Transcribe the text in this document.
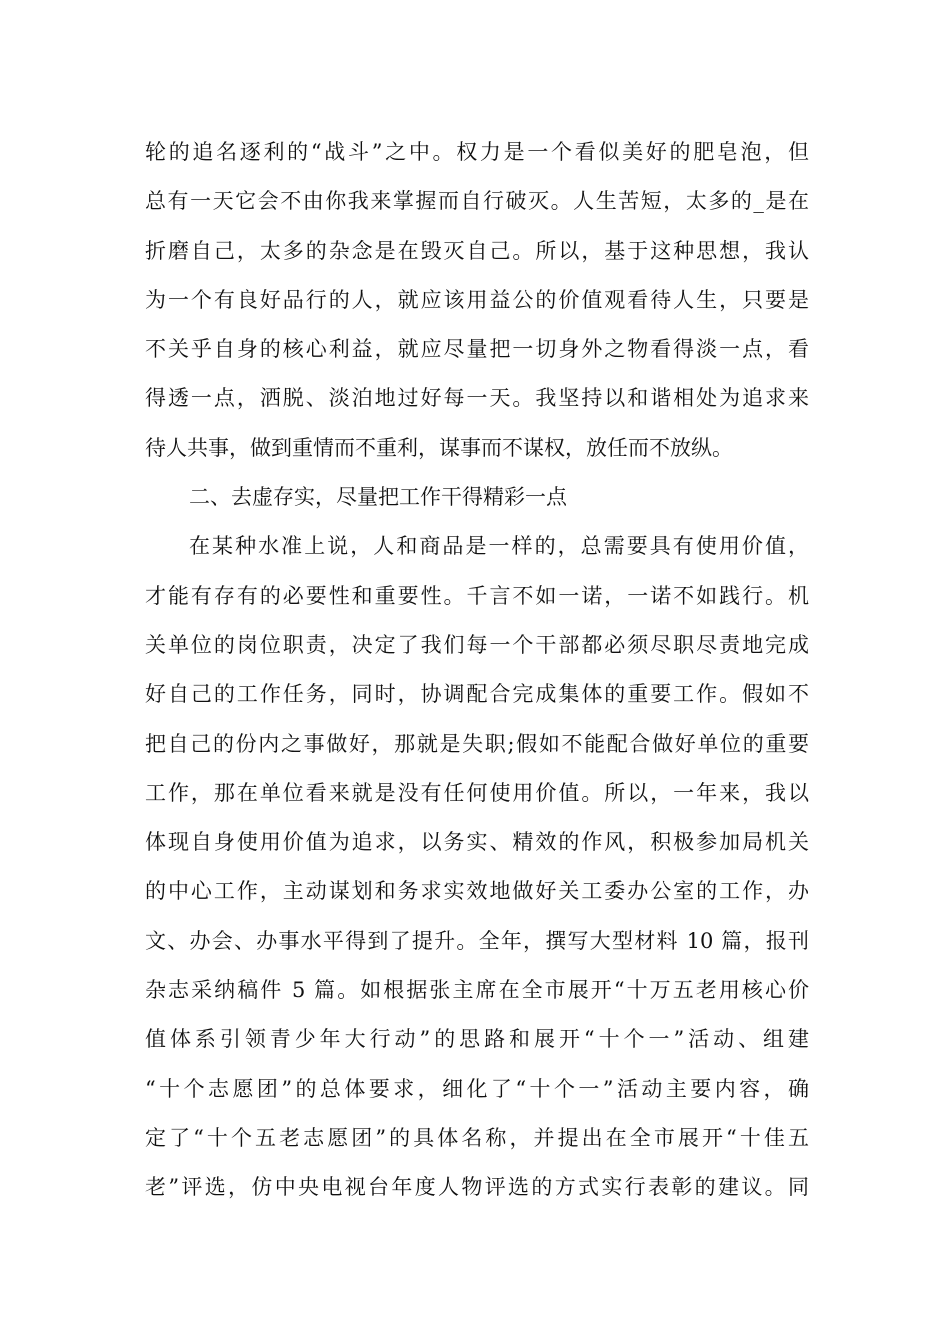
轮的追名逐利的“战斗”之中。权力是一个看似美好的肥皂泡，但
总有一天它会不由你我来掌握而自行破灭。人生苦短，太多的_是在
折磨自己，太多的杂念是在毁灭自己。所以，基于这种思想，我认
为一个有良好品行的人，就应该用益公的价值观看待人生，只要是
不关乎自身的核心利益，就应尽量把一切身外之物看得淡一点，看
得透一点，洒脱、淡泊地过好每一天。我坚持以和谐相处为追求来
待人共事，做到重情而不重利，谋事而不谋权，放任而不放纵。
二、去虚存实，尽量把工作干得精彩一点
在某种水准上说，人和商品是一样的，总需要具有使用价值，
才能有存有的必要性和重要性。千言不如一诺，一诺不如践行。机
关单位的岗位职责，决定了我们每一个干部都必须尽职尽责地完成
好自己的工作任务，同时，协调配合完成集体的重要工作。假如不
把自己的份内之事做好，那就是失职;假如不能配合做好单位的重要
工作，那在单位看来就是没有任何使用价值。所以，一年来，我以
体现自身使用价值为追求，以务实、精效的作风，积极参加局机关
的中心工作，主动谋划和务求实效地做好关工委办公室的工作，办
文、办会、办事水平得到了提升。全年，撰写大型材料 10 篇，报刊
杂志采纳稿件 5 篇。如根据张主席在全市展开“十万五老用核心价
值体系引领青少年大行动”的思路和展开“十个一”活动、组建
“十个志愿团”的总体要求，细化了“十个一”活动主要内容，确
定了“十个五老志愿团”的具体名称，并提出在全市展开“十佳五
老”评选，仿中央电视台年度人物评选的方式实行表彰的建议。同
